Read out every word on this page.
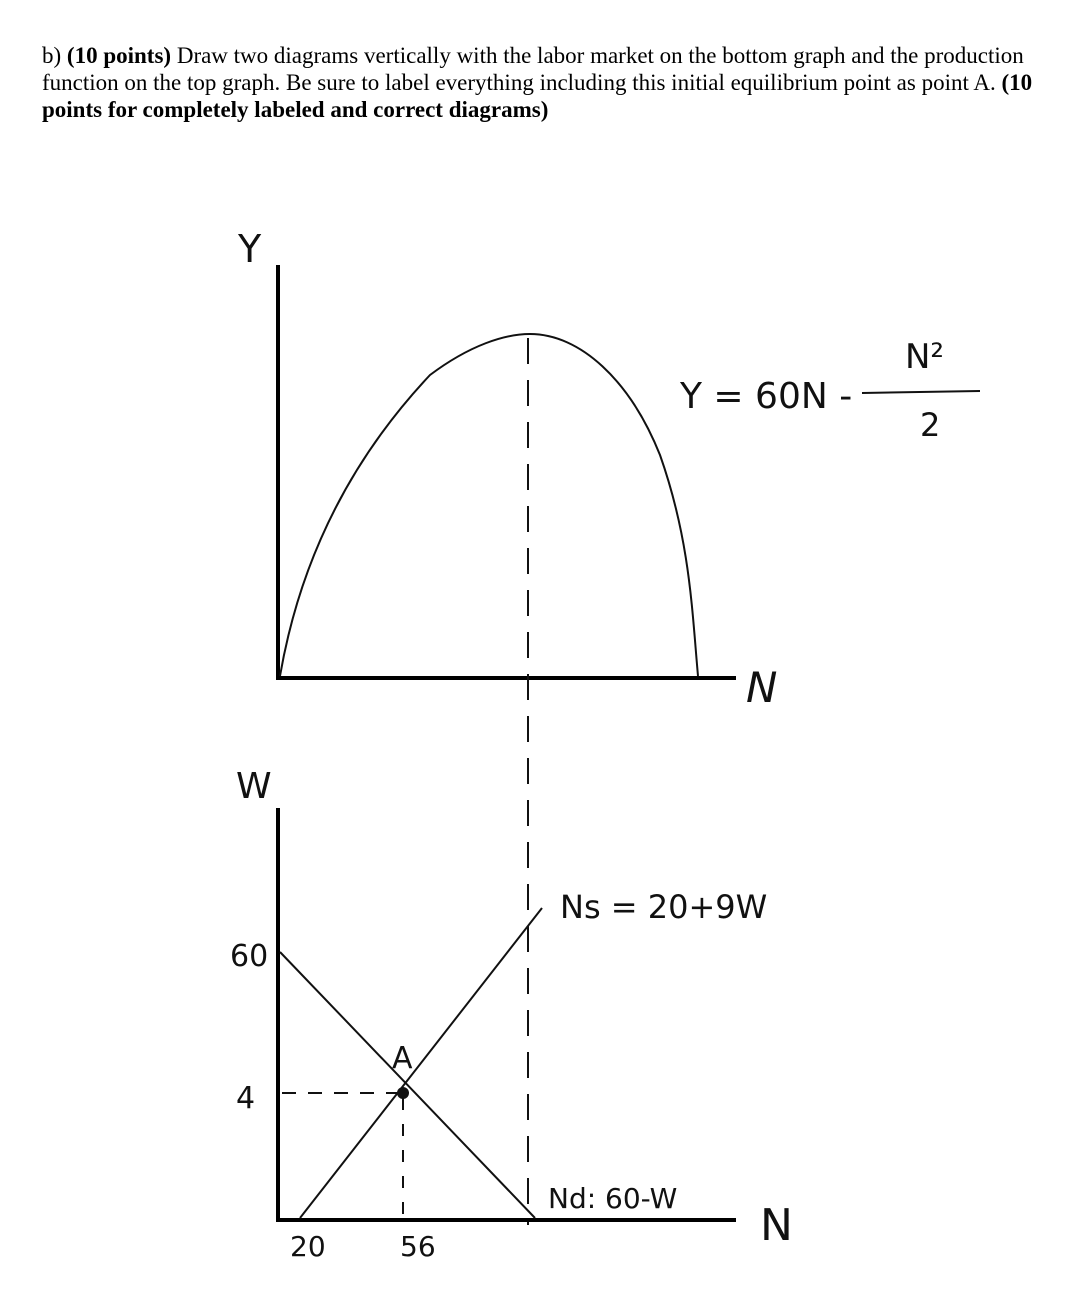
b) (10 points) Draw two diagrams vertically with the labor market on the bottom graph and the production function on the top graph. Be sure to label everything including this initial equilibrium point as point A. (10 points for completely labeled and correct diagrams)
Y
N
Y = 60N -
N²
2
A
W
N
60
4
20	56
Ns = 20+9W
Nd: 60-W
